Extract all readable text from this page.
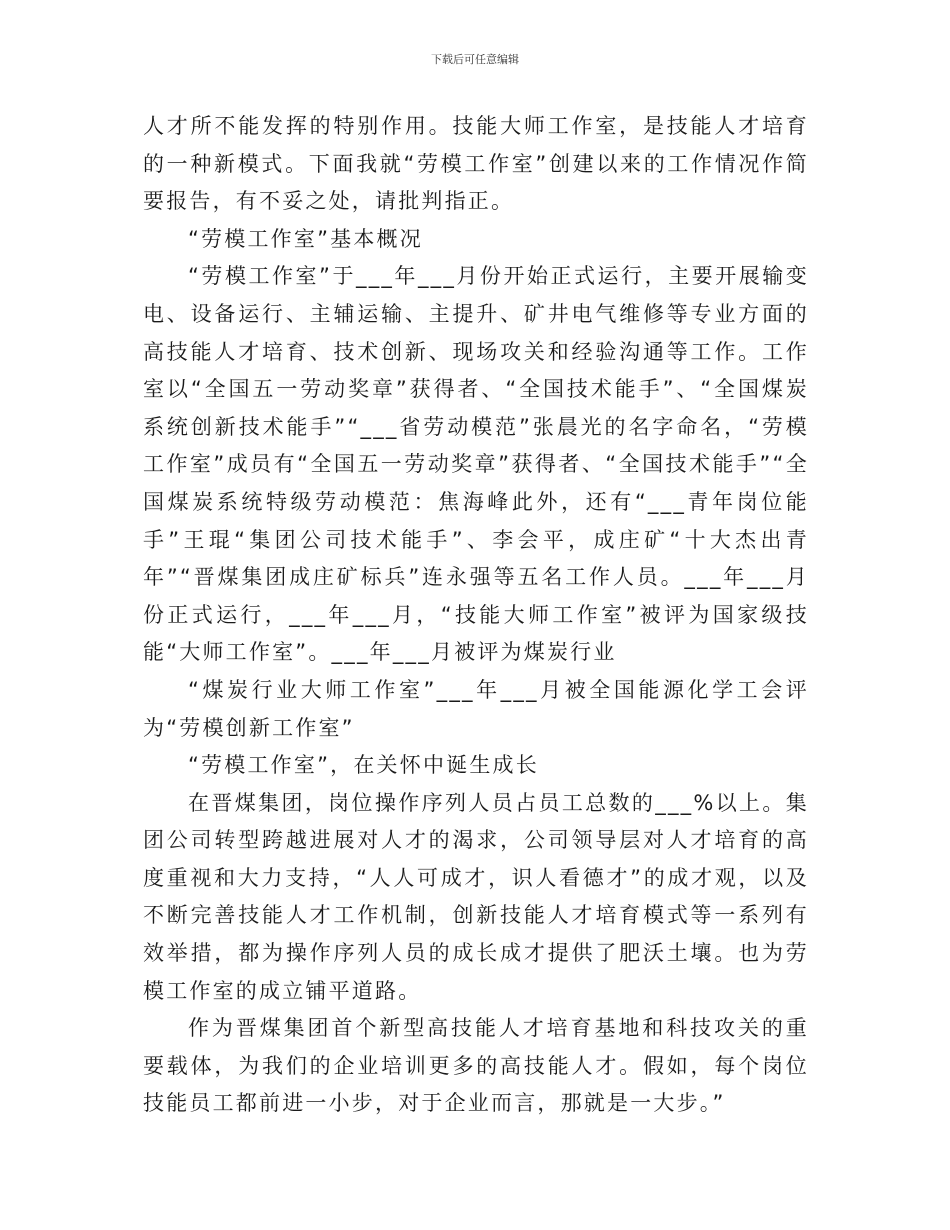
下载后可任意编辑

人才所不能发挥的特别作用。技能大师工作室，是技能人才培育的一种新模式。下面我就“劳模工作室”创建以来的工作情况作简要报告，有不妥之处，请批判指正。

“劳模工作室”基本概况

“劳模工作室”于___年___月份开始正式运行，主要开展输变电、设备运行、主辅运输、主提升、矿井电气维修等专业方面的高技能人才培育、技术创新、现场攻关和经验沟通等工作。工作室以“全国五一劳动奖章”获得者、“全国技术能手”、“全国煤炭系统创新技术能手”“___省劳动模范”张晨光的名字命名，“劳模工作室”成员有“全国五一劳动奖章”获得者、“全国技术能手”“全国煤炭系统特级劳动模范：焦海峰此外，还有“___青年岗位能手”王琨“集团公司技术能手”、李会平，成庄矿“十大杰出青年”“晋煤集团成庄矿标兵”连永强等五名工作人员。___年___月份正式运行，___年___月，“技能大师工作室”被评为国家级技能“大师工作室”。___年___月被评为煤炭行业

“煤炭行业大师工作室”___年___月被全国能源化学工会评为“劳模创新工作室”

“劳模工作室”，在关怀中诞生成长

在晋煤集团，岗位操作序列人员占员工总数的___%以上。集团公司转型跨越进展对人才的渴求，公司领导层对人才培育的高度重视和大力支持，“人人可成才，识人看德才”的成才观，以及不断完善技能人才工作机制，创新技能人才培育模式等一系列有效举措，都为操作序列人员的成长成才提供了肥沃土壤。也为劳模工作室的成立铺平道路。

作为晋煤集团首个新型高技能人才培育基地和科技攻关的重要载体，为我们的企业培训更多的高技能人才。假如，每个岗位技能员工都前进一小步，对于企业而言，那就是一大步。”
